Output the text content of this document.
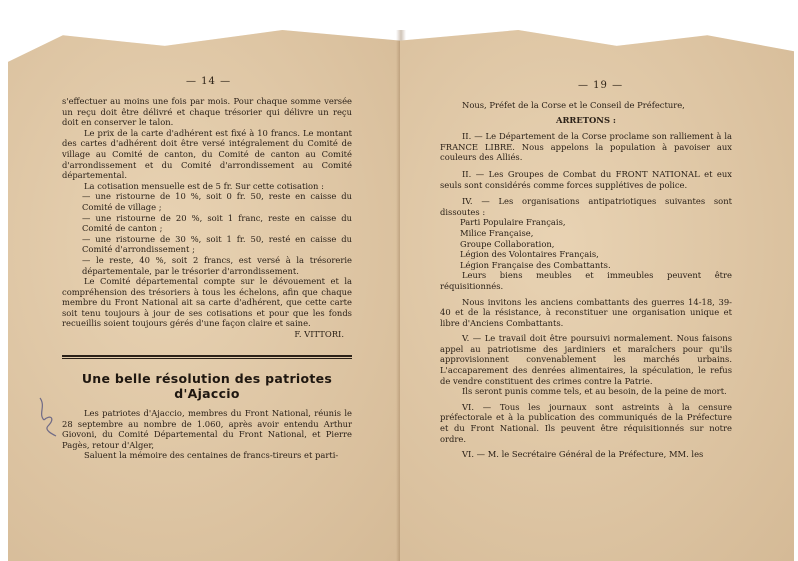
— 14 —

s'effectuer au moins une fois par mois. Pour chaque somme versée un reçu doit être délivré et chaque trésorier qui délivre un reçu doit en conserver le talon.

Le prix de la carte d'adhérent est fixé à 10 francs. Le montant des cartes d'adhérent doit être versé intégralement du Comité de village au Comité de canton, du Comité de canton au Comité d'arrondissement et du Comité d'arrondissement au Comité départemental.

La cotisation mensuelle est de 5 fr. Sur cette cotisation :

— une ristourne de 10 %, soit 0 fr. 50, reste en caisse du Comité de village ;

— une ristourne de 20 %, soit 1 franc, reste en caisse du Comité de canton ;

— une ristourne de 30 %, soit 1 fr. 50, resté en caisse du Comité d'arrondissement ;

— le reste, 40 %, soit 2 francs, est versé à la trésorerie départementale, par le trésorier d'arrondissement.

Le Comité départemental compte sur le dévouement et la compréhension des trésoriers à tous les échelons, afin que chaque membre du Front National ait sa carte d'adhérent, que cette carte soit tenu toujours à jour de ses cotisations et pour que les fonds recueillis soient toujours gérés d'une façon claire et saine.

F. VITTORI.

Une belle résolution des patriotes d'Ajaccio

Les patriotes d'Ajaccio, membres du Front National, réunis le 28 septembre au nombre de 1.060, après avoir entendu Arthur Giovoni, du Comité Départemental du Front National, et Pierre Pagès, retour d'Alger,

Saluent la mémoire des centaines de francs-tireurs et parti-

— 19 —

Nous, Préfet de la Corse et le Conseil de Préfecture,

ARRETONS :

II. — Le Département de la Corse proclame son ralliement à la FRANCE LIBRE. Nous appelons la population à pavoiser aux couleurs des Alliés.

II. — Les Groupes de Combat du FRONT NATIONAL et eux seuls sont considérés comme forces supplétives de police.

IV. — Les organisations antipatriotiques suivantes sont dissoutes :

Parti Populaire Français,

Milice Française,

Groupe Collaboration,

Légion des Volontaires Français,

Légion Française des Combattants.

Leurs biens meubles et immeubles peuvent être réquisitionnés.

Nous invitons les anciens combattants des guerres 14-18, 39-40 et de la résistance, à reconstituer une organisation unique et libre d'Anciens Combattants.

V. — Le travail doit être poursuivi normalement. Nous faisons appel au patriotisme des jardiniers et maraîchers pour qu'ils approvisionnent convenablement les marchés urbains. L'accaparement des denrées alimentaires, la spéculation, le refus de vendre constituent des crimes contre la Patrie.

Ils seront punis comme tels, et au besoin, de la peine de mort.

VI. — Tous les journaux sont astreints à la censure préfectorale et à la publication des communiqués de la Préfecture et du Front National. Ils peuvent être réquisitionnés sur notre ordre.

VI. — M. le Secrétaire Général de la Préfecture, MM. les
